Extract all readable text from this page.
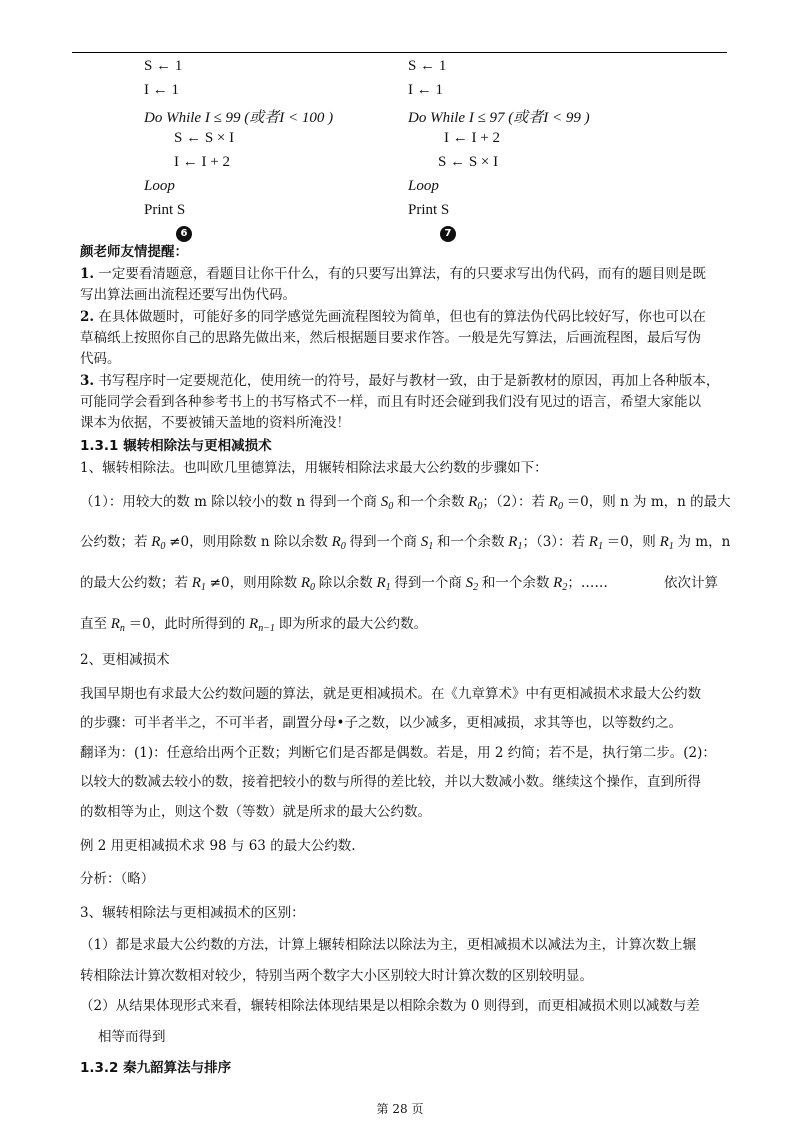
S ← 1
I ← 1
Do While I ≤ 99 (或者I < 100 )
S ← S × I
I ← I + 2
Loop
Print S
6
S ← 1
I ← 1
Do While I ≤ 97 (或者I < 99 )
I ← I + 2
S ← S × I
Loop
Print S
7
颜老师友情提醒：
1. 一定要看清题意，看题目让你干什么，有的只要写出算法，有的只要求写出伪代码，而有的题目则是既
写出算法画出流程还要写出伪代码。
2. 在具体做题时，可能好多的同学感觉先画流程图较为简单，但也有的算法伪代码比较好写，你也可以在
草稿纸上按照你自己的思路先做出来，然后根据题目要求作答。一般是先写算法，后画流程图，最后写伪
代码。
3. 书写程序时一定要规范化，使用统一的符号，最好与教材一致，由于是新教材的原因，再加上各种版本，
可能同学会看到各种参考书上的书写格式不一样，而且有时还会碰到我们没有见过的语言，希望大家能以
课本为依据，不要被铺天盖地的资料所淹没！
1.3.1 辗转相除法与更相减损术
1、辗转相除法。也叫欧几里德算法，用辗转相除法求最大公约数的步骤如下：
（1）：用较大的数 m 除以较小的数 n 得到一个商 $S_0$ 和一个余数 $R_0$；（2）：若 $R_0 =0$，则 n 为 m，n 的最大
公约数；若 $R_0 \ne 0$，则用除数 n 除以余数 $R_0$ 得到一个商 $S_1$ 和一个余数 $R_1$；（3）：若 $R_1 =0$，则 $R_1$ 为 m，n
的最大公约数；若 $R_1 \ne 0$，则用除数 $R_0$ 除以余数 $R_1$ 得到一个商 $S_2$ 和一个余数 $R_2$；……	依次计算
直至 $R_n =0$，此时所得到的 $R_{n-1}$ 即为所求的最大公约数。
2、更相减损术
我国早期也有求最大公约数问题的算法，就是更相减损术。在《九章算术》中有更相减损术求最大公约数
的步骤：可半者半之，不可半者，副置分母•子之数，以少减多，更相减损，求其等也，以等数约之。
翻译为：(1)：任意给出两个正数；判断它们是否都是偶数。若是，用 2 约简；若不是，执行第二步。(2)：
以较大的数减去较小的数，接着把较小的数与所得的差比较，并以大数减小数。继续这个操作，直到所得
的数相等为止，则这个数（等数）就是所求的最大公约数。
例 2 用更相减损术求 98 与 63 的最大公约数.
分析：（略）
3、辗转相除法与更相减损术的区别：
（1）都是求最大公约数的方法，计算上辗转相除法以除法为主，更相减损术以减法为主，计算次数上辗
转相除法计算次数相对较少，特别当两个数字大小区别较大时计算次数的区别较明显。
（2）从结果体现形式来看，辗转相除法体现结果是以相除余数为 0 则得到，而更相减损术则以减数与差
相等而得到
1.3.2 秦九韶算法与排序
第 28 页
